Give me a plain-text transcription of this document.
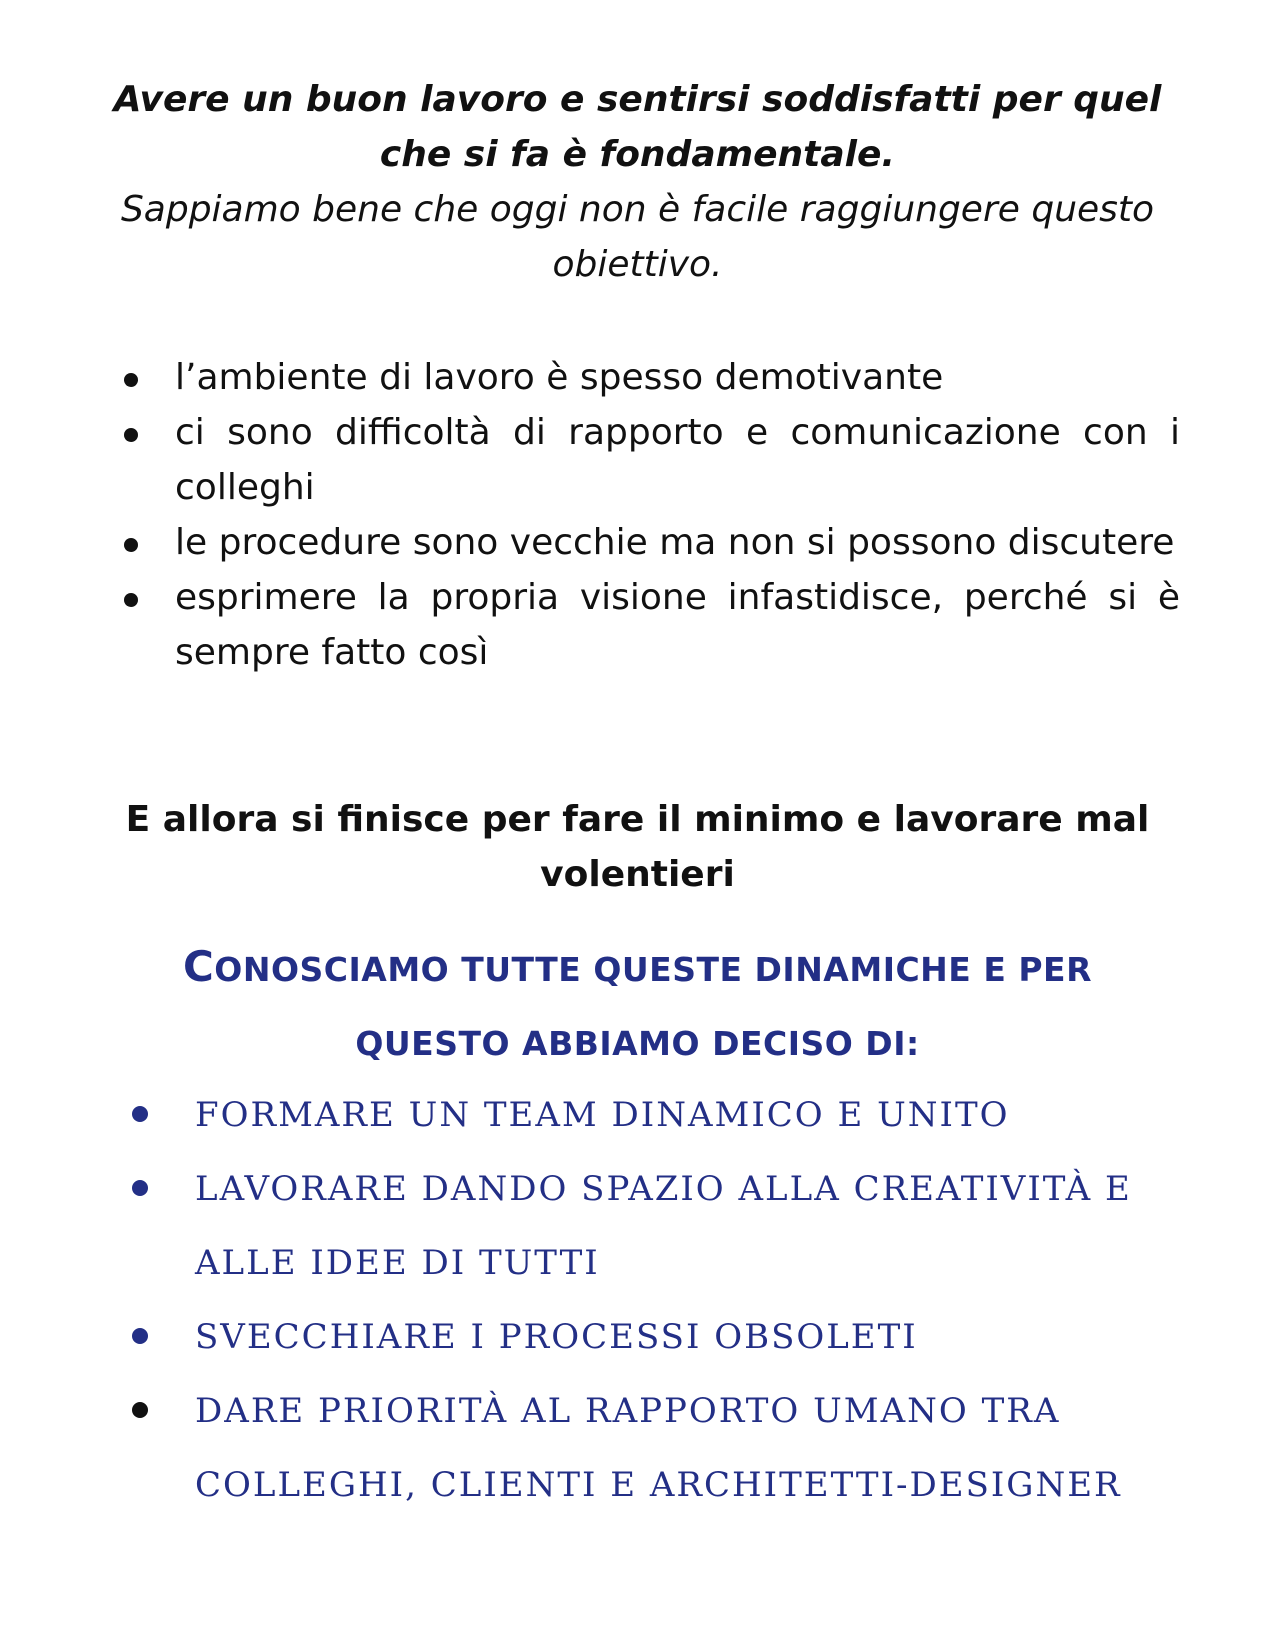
Avere un buon lavoro e sentirsi soddisfatti per quel
che si fa è fondamentale.

Sappiamo bene che oggi non è facile raggiungere questo
obiettivo.

l’ambiente di lavoro è spesso demotivante
ci sono difficoltà di rapporto e comunicazione con i colleghi
le procedure sono vecchie ma non si possono discutere
esprimere la propria visione infastidisce, perché si è sempre fatto così

E allora si finisce per fare il minimo e lavorare mal
volentieri

CONOSCIAMO TUTTE QUESTE DINAMICHE E PER
QUESTO ABBIAMO DECISO DI:

FORMARE UN TEAM DINAMICO E UNITO
LAVORARE DANDO SPAZIO ALLA CREATIVITÀ E ALLE IDEE DI TUTTI
SVECCHIARE I PROCESSI OBSOLETI
DARE PRIORITÀ AL RAPPORTO UMANO TRA COLLEGHI, CLIENTI E ARCHITETTI-DESIGNER
